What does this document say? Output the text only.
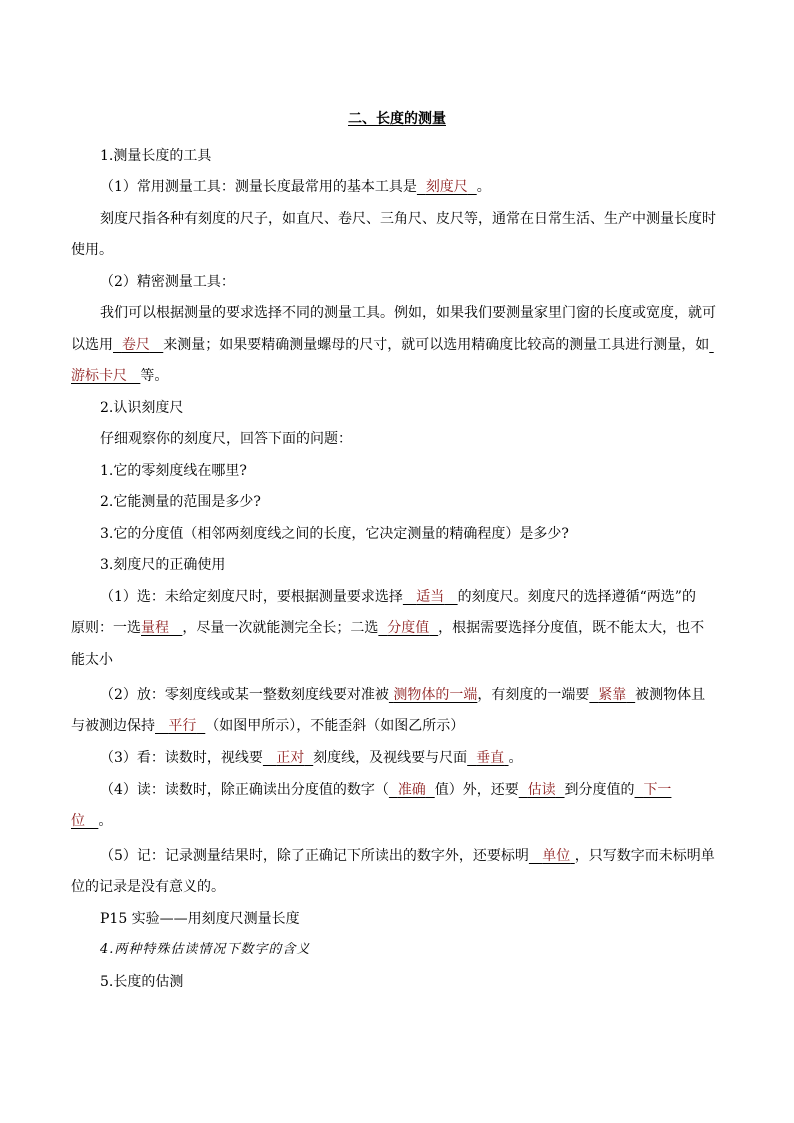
二、长度的测量
1.测量长度的工具
（1）常用测量工具：测量长度最常用的基本工具是 刻度尺 。
刻度尺指各种有刻度的尺子，如直尺、卷尺、三角尺、皮尺等，通常在日常生活、生产中测量长度时
使用。
（2）精密测量工具：
我们可以根据测量的要求选择不同的测量工具。例如，如果我们要测量家里门窗的长度或宽度，就可
以选用 卷尺 来测量；如果要精确测量螺母的尺寸，就可以选用精确度比较高的测量工具进行测量，如
游标卡尺 等。
2.认识刻度尺
仔细观察你的刻度尺，回答下面的问题：
1.它的零刻度线在哪里?
2.它能测量的范围是多少?
3.它的分度值（相邻两刻度线之间的长度，它决定测量的精确程度）是多少?
3.刻度尺的正确使用
（1）选：未给定刻度尺时，要根据测量要求选择 适当 的刻度尺。刻度尺的选择遵循“两选”的
原则：一选量程 ，尽量一次就能测完全长；二选 分度值 ，根据需要选择分度值，既不能太大，也不
能太小
（2）放：零刻度线或某一整数刻度线要对准被 测物体的一端，有刻度的一端要 紧靠 被测物体且
与被测边保持 平行 （如图甲所示），不能歪斜（如图乙所示）
（3）看：读数时，视线要 正对 刻度线，及视线要与尺面 垂直 。
（4）读：读数时，除正确读出分度值的数字（ 准确 值）外，还要 估读 到分度值的 下一
位 。
（5）记：记录测量结果时，除了正确记下所读出的数字外，还要标明 单位 ，只写数字而未标明单
位的记录是没有意义的。
P15 实验——用刻度尺测量长度
4.两种特殊估读情况下数字的含义
5.长度的估测
